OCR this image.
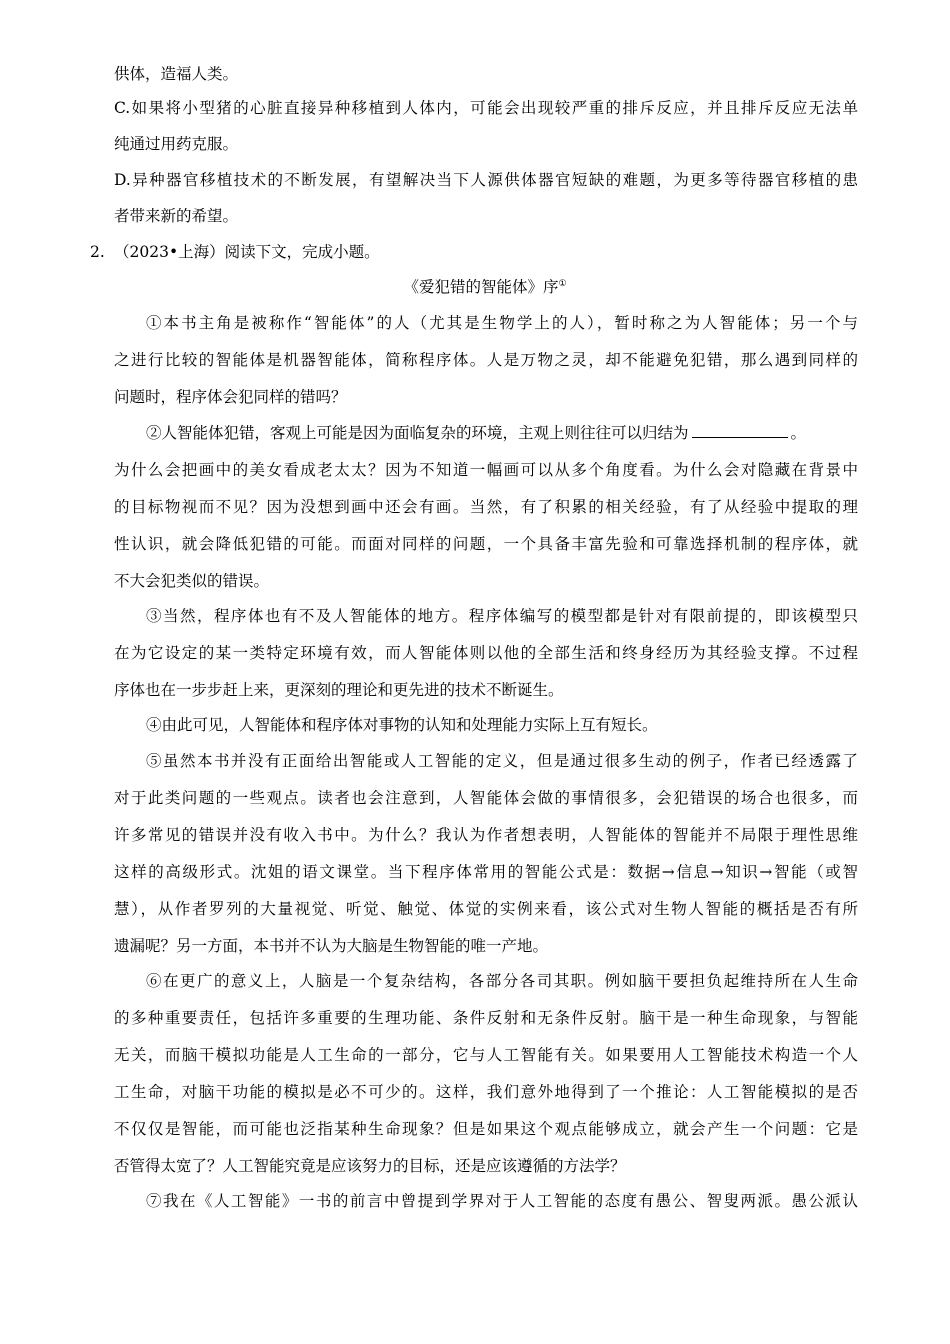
供体，造福人类。
C.如果将小型猪的心脏直接异种移植到人体内，可能会出现较严重的排斥反应，并且排斥反应无法单
纯通过用药克服。
D.异种器官移植技术的不断发展，有望解决当下人源供体器官短缺的难题，为更多等待器官移植的患
者带来新的希望。
2. （2023•上海）阅读下文，完成小题。
《爱犯错的智能体》序①
①本书主角是被称作“智能体”的人（尤其是生物学上的人），暂时称之为人智能体；另一个与
之进行比较的智能体是机器智能体，简称程序体。人是万物之灵，却不能避免犯错，那么遇到同样的
问题时，程序体会犯同样的错吗？
②人智能体犯错，客观上可能是因为面临复杂的环境，主观上则往往可以归结为	。
为什么会把画中的美女看成老太太？因为不知道一幅画可以从多个角度看。为什么会对隐藏在背景中
的目标物视而不见？因为没想到画中还会有画。当然，有了积累的相关经验，有了从经验中提取的理
性认识，就会降低犯错的可能。而面对同样的问题，一个具备丰富先验和可靠选择机制的程序体，就
不大会犯类似的错误。
③当然，程序体也有不及人智能体的地方。程序体编写的模型都是针对有限前提的，即该模型只
在为它设定的某一类特定环境有效，而人智能体则以他的全部生活和终身经历为其经验支撑。不过程
序体也在一步步赶上来，更深刻的理论和更先进的技术不断诞生。
④由此可见，人智能体和程序体对事物的认知和处理能力实际上互有短长。
⑤虽然本书并没有正面给出智能或人工智能的定义，但是通过很多生动的例子，作者已经透露了
对于此类问题的一些观点。读者也会注意到，人智能体会做的事情很多，会犯错误的场合也很多，而
许多常见的错误并没有收入书中。为什么？我认为作者想表明，人智能体的智能并不局限于理性思维
这样的高级形式。沈姐的语文课堂。当下程序体常用的智能公式是：数据→信息→知识→智能（或智
慧），从作者罗列的大量视觉、听觉、触觉、体觉的实例来看，该公式对生物人智能的概括是否有所
遗漏呢？另一方面，本书并不认为大脑是生物智能的唯一产地。
⑥在更广的意义上，人脑是一个复杂结构，各部分各司其职。例如脑干要担负起维持所在人生命
的多种重要责任，包括许多重要的生理功能、条件反射和无条件反射。脑干是一种生命现象，与智能
无关，而脑干模拟功能是人工生命的一部分，它与人工智能有关。如果要用人工智能技术构造一个人
工生命，对脑干功能的模拟是必不可少的。这样，我们意外地得到了一个推论：人工智能模拟的是否
不仅仅是智能，而可能也泛指某种生命现象？但是如果这个观点能够成立，就会产生一个问题：它是
否管得太宽了？人工智能究竟是应该努力的目标，还是应该遵循的方法学？
⑦我在《人工智能》一书的前言中曾提到学界对于人工智能的态度有愚公、智叟两派。愚公派认
